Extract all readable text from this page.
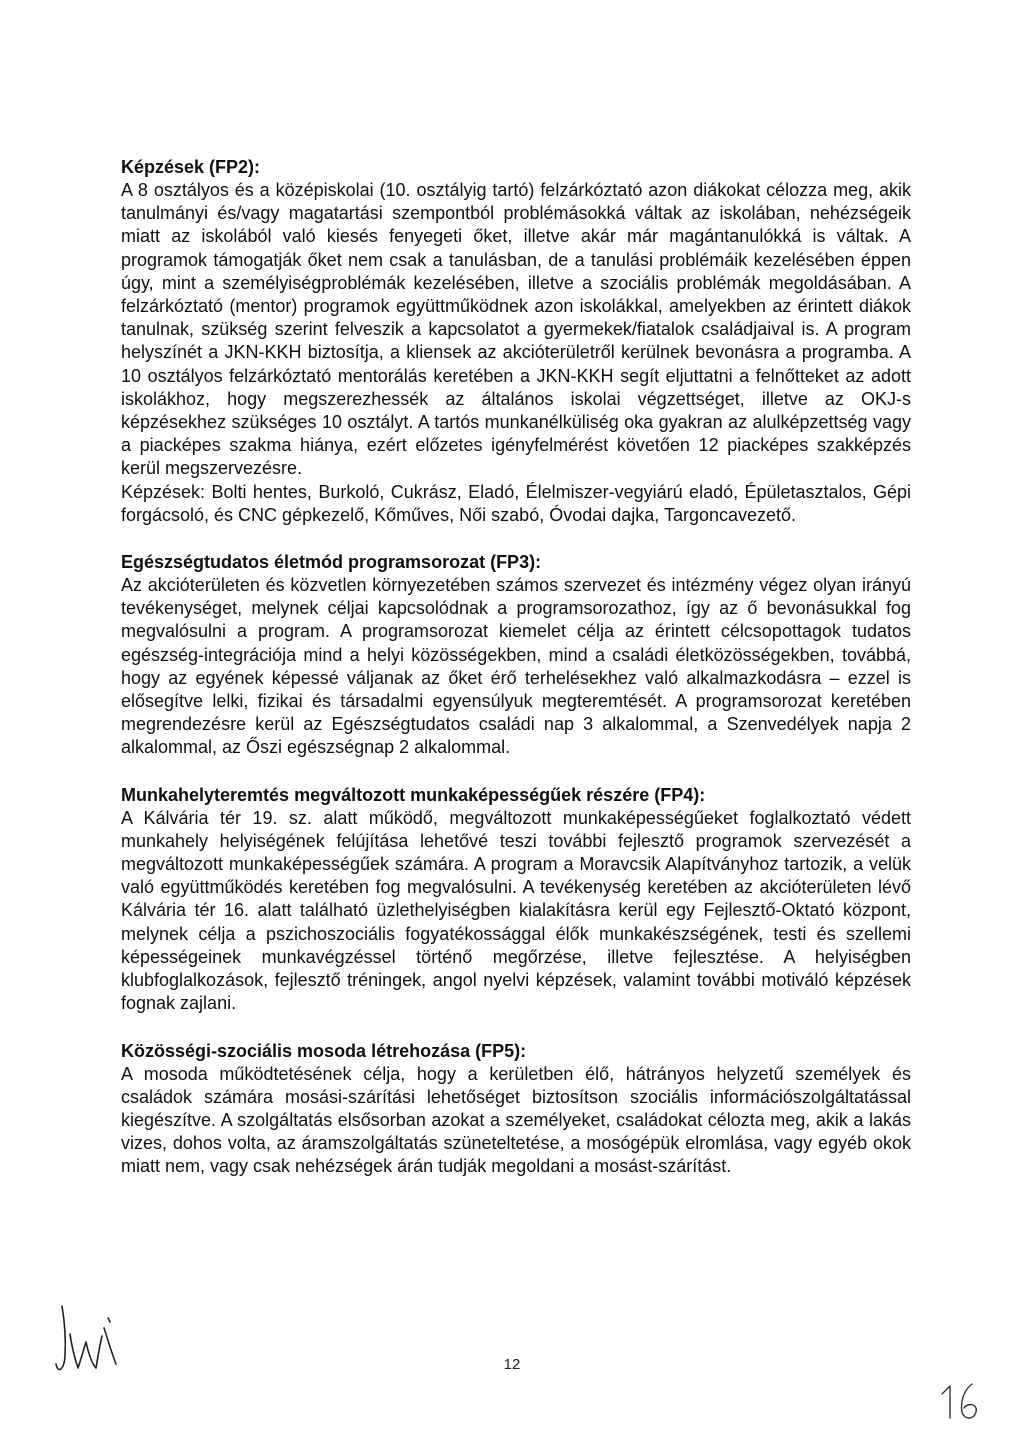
Képzések (FP2):

A 8 osztályos és a középiskolai (10. osztályig tartó) felzárkóztató azon diákokat célozza meg, akik tanulmányi és/vagy magatartási szempontból problémásokká váltak az iskolában, nehézségeik miatt az iskolából való kiesés fenyegeti őket, illetve akár már magántanulókká is váltak. A programok támogatják őket nem csak a tanulásban, de a tanulási problémáik kezelésében éppen úgy, mint a személyiségproblémák kezelésében, illetve a szociális problémák megoldásában. A felzárkóztató (mentor) programok együttműködnek azon iskolákkal, amelyekben az érintett diákok tanulnak, szükség szerint felveszik a kapcsolatot a gyermekek/fiatalok családjaival is. A program helyszínét a JKN-KKH biztosítja, a kliensek az akcióterületről kerülnek bevonásra a programba. A 10 osztályos felzárkóztató mentorálás keretében a JKN-KKH segít eljuttatni a felnőtteket az adott iskolákhoz, hogy megszerezhessék az általános iskolai végzettséget, illetve az OKJ-s képzésekhez szükséges 10 osztályt. A tartós munkanélküliség oka gyakran az alulképzettség vagy a piacképes szakma hiánya, ezért előzetes igényfelmérést követően 12 piacképes szakképzés kerül megszervezésre.

Képzések: Bolti hentes, Burkoló, Cukrász, Eladó, Élelmiszer-vegyiárú eladó, Épületasztalos, Gépi forgácsoló, és CNC gépkezelő, Kőműves, Női szabó, Óvodai dajka, Targoncavezető.

Egészségtudatos életmód programsorozat (FP3):

Az akcióterületen és közvetlen környezetében számos szervezet és intézmény végez olyan irányú tevékenységet, melynek céljai kapcsolódnak a programsorozathoz, így az ő bevonásukkal fog megvalósulni a program. A programsorozat kiemelet célja az érintett célcsopottagok tudatos egészség-integrációja mind a helyi közösségekben, mind a családi életközösségekben, továbbá, hogy az egyének képessé váljanak az őket érő terhelésekhez való alkalmazkodásra – ezzel is elősegítve lelki, fizikai és társadalmi egyensúlyuk megteremtését. A programsorozat keretében megrendezésre kerül az Egészségtudatos családi nap 3 alkalommal, a Szenvedélyek napja 2 alkalommal, az Őszi egészségnap 2 alkalommal.

Munkahelyteremtés megváltozott munkaképességűek részére (FP4):

A Kálvária tér 19. sz. alatt működő, megváltozott munkaképességűeket foglalkoztató védett munkahely helyiségének felújítása lehetővé teszi további fejlesztő programok szervezését a megváltozott munkaképességűek számára. A program a Moravcsik Alapítványhoz tartozik, a velük való együttműködés keretében fog megvalósulni. A tevékenység keretében az akcióterületen lévő Kálvária tér 16. alatt található üzlethelyiségben kialakításra kerül egy Fejlesztő-Oktató központ, melynek célja a pszichoszociális fogyatékossággal élők munkakészségének, testi és szellemi képességeinek munkavégzéssel történő megőrzése, illetve fejlesztése. A helyiségben klubfoglalkozások, fejlesztő tréningek, angol nyelvi képzések, valamint további motiváló képzések fognak zajlani.

Közösségi-szociális mosoda létrehozása (FP5):

A mosoda működtetésének célja, hogy a kerületben élő, hátrányos helyzetű személyek és családok számára mosási-szárítási lehetőséget biztosítson szociális információszolgáltatással kiegészítve. A szolgáltatás elsősorban azokat a személyeket, családokat célozta meg, akik a lakás vizes, dohos volta, az áramszolgáltatás szüneteltetése, a mosógépük elromlása, vagy egyéb okok miatt nem, vagy csak nehézségek árán tudják megoldani a mosást-szárítást.

12
